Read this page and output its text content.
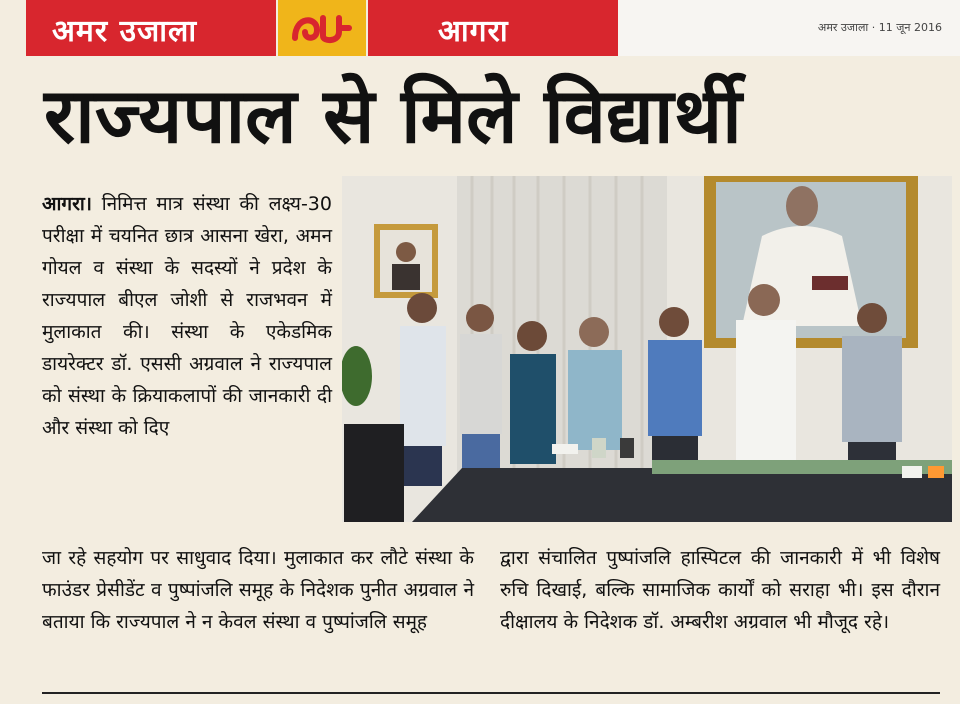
अमर उजाला	आगरा	अमर उजाला · 11 जून 2016
राज्यपाल से मिले विद्यार्थी
आगरा। निमित्त मात्र संस्था की लक्ष्य-30 परीक्षा में चयनित छात्र आसना खेरा, अमन गोयल व संस्था के सदस्यों ने प्रदेश के राज्यपाल बीएल जोशी से राजभवन में मुलाकात की। संस्था के एकेडमिक डायरेक्टर डॉ. एससी अग्रवाल ने राज्यपाल को संस्था के क्रियाकलापों की जानकारी दी और संस्था को दिए
जा रहे सहयोग पर साधुवाद दिया। मुलाकात कर लौटे संस्था के फाउंडर प्रेसीडेंट व पुष्पांजलि समूह के निदेशक पुनीत अग्रवाल ने बताया कि राज्यपाल ने न केवल संस्था व पुष्पांजलि समूह
द्वारा संचालित पुष्पांजलि हास्पिटल की जानकारी में भी विशेष रुचि दिखाई, बल्कि सामाजिक कार्यों को सराहा भी। इस दौरान दीक्षालय के निदेशक डॉ. अम्बरीश अग्रवाल भी मौजूद रहे।
